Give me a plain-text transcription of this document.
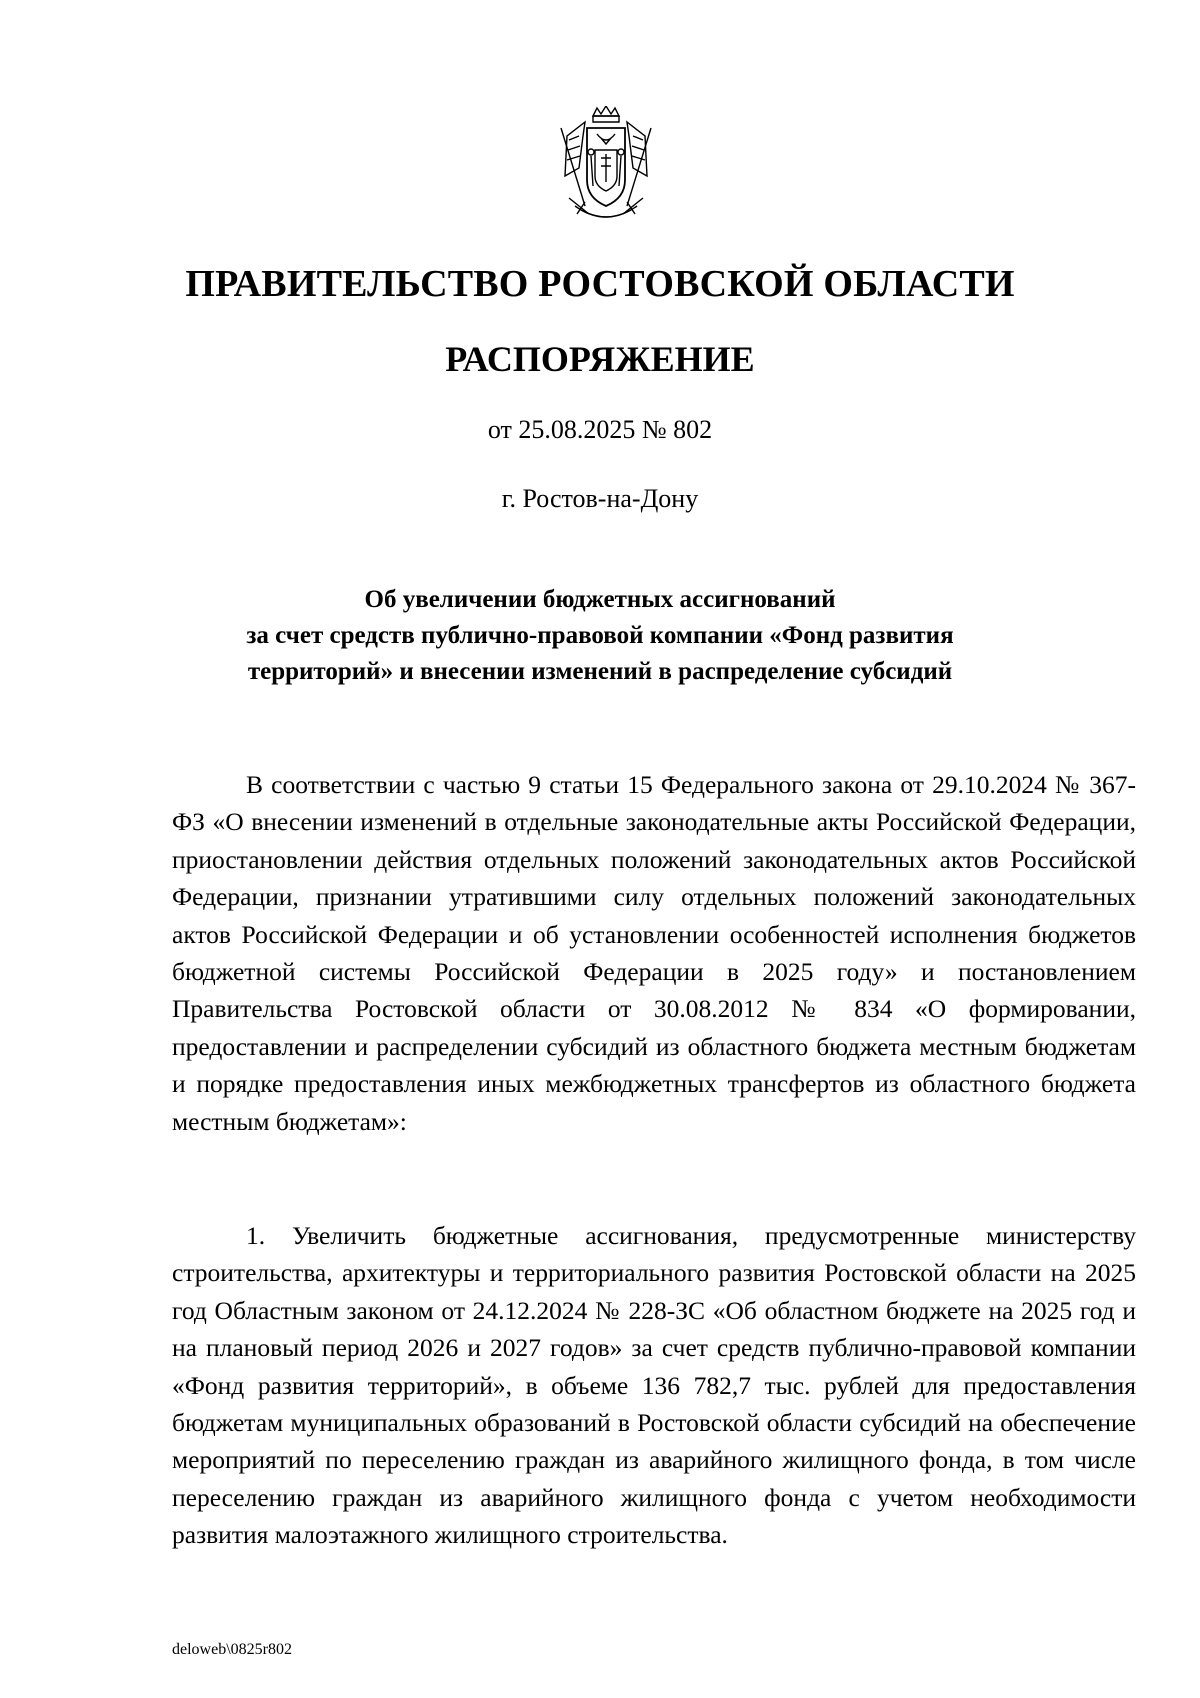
ПРАВИТЕЛЬСТВО РОСТОВСКОЙ ОБЛАСТИ
РАСПОРЯЖЕНИЕ
от 25.08.2025 № 802
г. Ростов-на-Дону
Об увеличении бюджетных ассигнований
за счет средств публично-правовой компании «Фонд развития
территорий» и внесении изменений в распределение субсидий

В соответствии с частью 9 статьи 15 Федерального закона от 29.10.2024 № 367-ФЗ «О внесении изменений в отдельные законодательные акты Российской Федерации, приостановлении действия отдельных положений законодательных актов Российской Федерации, признании утратившими силу отдельных положений законодательных актов Российской Федерации и об установлении особенностей исполнения бюджетов бюджетной системы Российской Федерации в 2025 году» и постановлением Правительства Ростовской области от 30.08.2012 № 834 «О формировании, предоставлении и распределении субсидий из областного бюджета местным бюджетам и порядке предоставления иных межбюджетных трансфертов из областного бюджета местным бюджетам»:

1. Увеличить бюджетные ассигнования, предусмотренные министерству строительства, архитектуры и территориального развития Ростовской области на 2025 год Областным законом от 24.12.2024 № 228-ЗС «Об областном бюджете на 2025 год и на плановый период 2026 и 2027 годов» за счет средств публично-правовой компании «Фонд развития территорий», в объеме 136 782,7 тыс. рублей для предоставления бюджетам муниципальных образований в Ростовской области субсидий на обеспечение мероприятий по переселению граждан из аварийного жилищного фонда, в том числе переселению граждан из аварийного жилищного фонда с учетом необходимости развития малоэтажного жилищного строительства.

deloweb\0825r802
